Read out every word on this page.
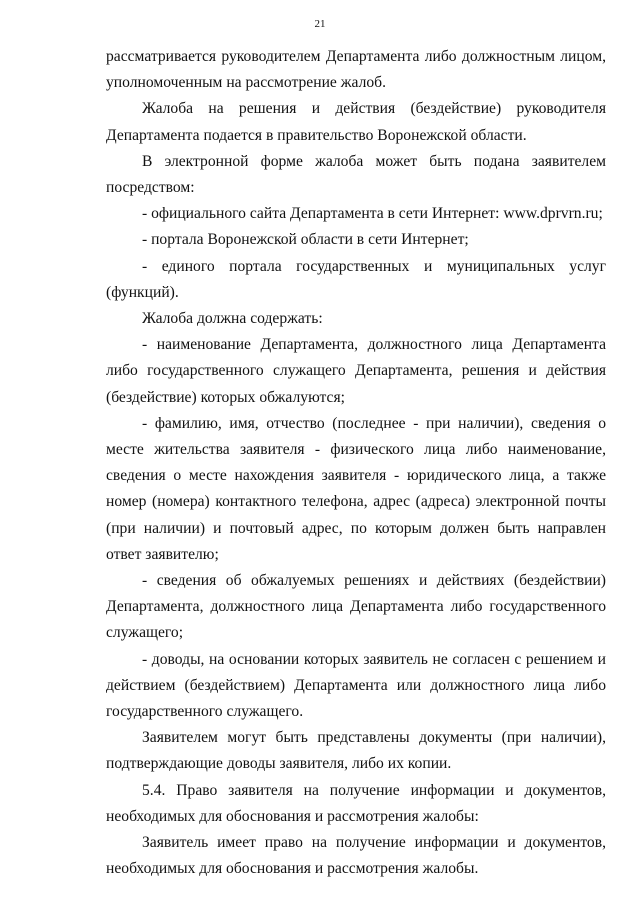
21

рассматривается руководителем Департамента либо должностным лицом, уполномоченным на рассмотрение жалоб.

Жалоба на решения и действия (бездействие) руководителя Департамента подается в правительство Воронежской области.

В электронной форме жалоба может быть подана заявителем посредством:

- официального сайта Департамента в сети Интернет: www.dprvrn.ru;

- портала Воронежской области в сети Интернет;

- единого портала государственных и муниципальных услуг (функций).

Жалоба должна содержать:

- наименование Департамента, должностного лица Департамента либо государственного служащего Департамента, решения и действия (бездействие) которых обжалуются;

- фамилию, имя, отчество (последнее - при наличии), сведения о месте жительства заявителя - физического лица либо наименование, сведения о месте нахождения заявителя - юридического лица, а также номер (номера) контактного телефона, адрес (адреса) электронной почты (при наличии) и почтовый адрес, по которым должен быть направлен ответ заявителю;

- сведения об обжалуемых решениях и действиях (бездействии) Департамента, должностного лица Департамента либо государственного служащего;

- доводы, на основании которых заявитель не согласен с решением и действием (бездействием) Департамента или должностного лица либо государственного служащего.

Заявителем могут быть представлены документы (при наличии), подтверждающие доводы заявителя, либо их копии.

5.4. Право заявителя на получение информации и документов, необходимых для обоснования и рассмотрения жалобы:

Заявитель имеет право на получение информации и документов, необходимых для обоснования и рассмотрения жалобы.
